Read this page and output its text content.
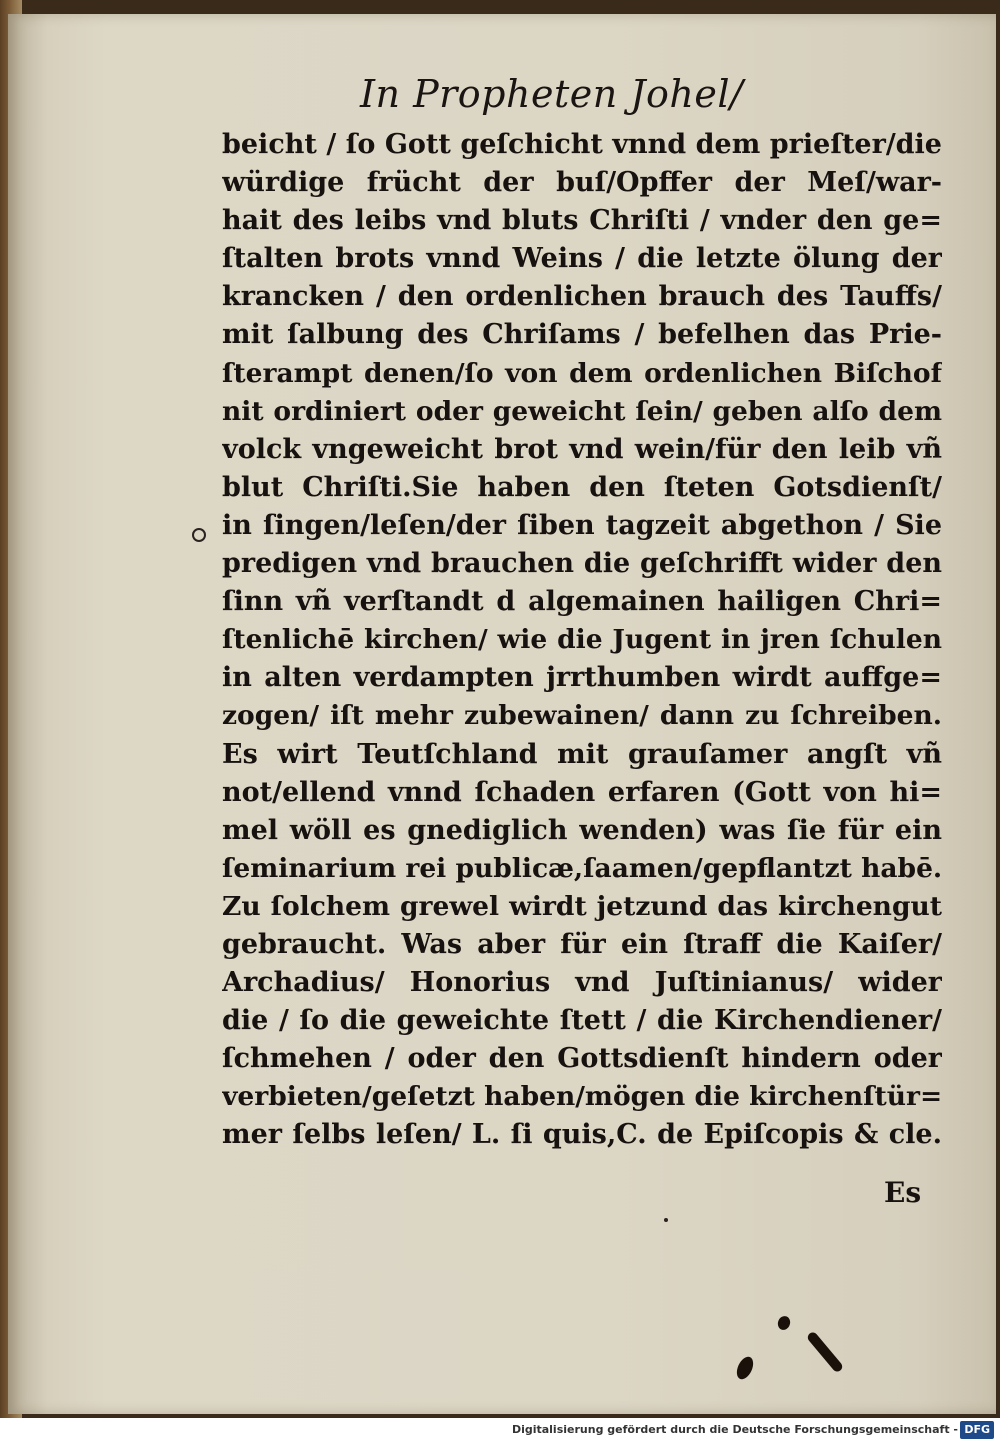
In Propheten Johel/
beicht / ſo Gott geſchicht vnnd dem prieſter/die
würdige frücht der buſ/Opffer der Meſ/war-
hait des leibs vnd bluts Chriſti / vnder den ge=
ſtalten brots vnnd Weins / die letzte ölung der
krancken / den ordenlichen brauch des Tauffs/
mit ſalbung des Chriſams / befelhen das Prie-
ſterampt denen/ſo von dem ordenlichen Biſchof
nit ordiniert oder geweicht ſein/ geben alſo dem
volck vngeweicht brot vnd wein/für den leib vñ
blut Chriſti.Sie haben den ſteten Gotsdienſt/
in ſingen/leſen/der ſiben tagzeit abgethon / Sie
predigen vnd brauchen die geſchrifft wider den
ſinn vñ verſtandt d algemainen hailigen Chri=
ſtenlichē kirchen/ wie die Jugent in jren ſchulen
in alten verdampten jrrthumben wirdt auffge=
zogen/ iſt mehr zubewainen/ dann zu ſchreiben.
Es wirt Teutſchland mit grauſamer angſt vñ
not/ellend vnnd ſchaden erfaren (Gott von hi=
mel wöll es gnediglich wenden) was ſie für ein
ſeminarium rei publicæ,ſaamen/gepflantzt habē.
Zu ſolchem grewel wirdt jetzund das kirchengut
gebraucht. Was aber für ein ſtraff die Kaiſer/
Archadius/ Honorius vnd Juſtinianus/ wider
die / ſo die geweichte ſtett / die Kirchendiener/
ſchmehen / oder den Gottsdienſt hindern oder
verbieten/geſetzt haben/mögen die kirchenſtür=
mer ſelbs leſen/ L. ſi quis,C. de Epiſcopis & cle.
Es
Digitalisierung gefördert durch die Deutsche Forschungsgemeinschaft - DFG
